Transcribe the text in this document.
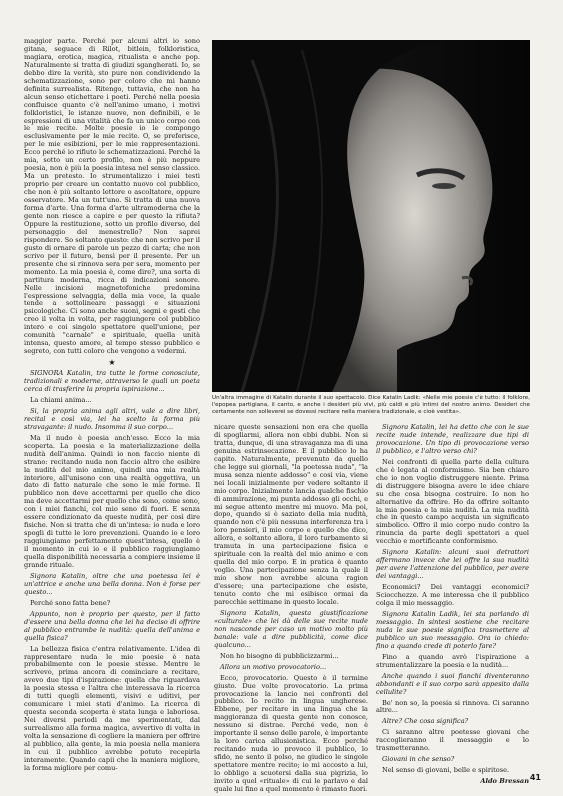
maggior parte. Perché per alcuni altri io sono gitana, seguace di Rilot, bitlein, folkloristica, magiara, erotica, magica, ritualista e anche pop. Naturalmente si tratta di giudizi sgangherati. Io, se debbo dire la verità, sto pure non condividendo la schematizzazione, sono per coloro che mi hanno definita surrealista. Ritengo, tuttavia, che non ha alcun senso etichettare i poeti. Perché nella poesia confluisce quanto c'è nell'animo umano, i motivi folkloristici, le istanze nuove, non definibili, e le espressioni di una vitalità che fa un unico corpo con le mie recite. Molte poesie io le compongo esclusivamente per le mie recite. O, se preferisce, per le mie esibizioni, per le mie rappresentazioni. Ecco perché io rifiuto le schematizzazioni. Perché la mia, sotto un certo profilo, non è più neppure poesia, non è più la poesia intesa nel senso classico. Ma un pretesto. Io strumentalizzo i miei testi proprio per creare un contatto nuovo col pubblico, che non è più soltanto lettore o ascoltatore, oppure osservatore. Ma un tutt'uno. Si tratta di una nuova forma d'arte. Una forma d'arte ultramoderna che la gente non riesce a capire e per questo la rifiuta? Oppure la restituzione, sotto un profilo diverso, del personaggio del menestrello? Non saprei rispondere. So soltanto questo: che non scrivo per il gusto di ornare di parole un pezzo di carta; che non scrivo per il futuro, bensì per il presente. Per un presente che si rinnova sera per sera, momento per momento. La mia poesia è, come dire?, una sorta di partitura moderna, ricca di indicazioni sonore. Nelle incisioni magnetofoniche predomina l'espressione selvaggia, della mia voce, la quale tende a sottolineare passaggi e situazioni psicologiche. Ci sono anche suoni, segni e gesti che creo il volta in volta, per raggiungere col pubblico intero e coi singolo spettatore quell'unione, per comunità "carnale" e spirituale, quella unità intensa, questo amore, al tempo stesso pubblico e segreto, con tutti coloro che vengono a vedermi.

★

SIGNORA Katalin, tra tutte le forme conosciute, tradizionali e moderne, attraverso le quali un poeta cerca di trasferire la propria ispirazione...

La chiami anima...

Si, la propria anima agli altri, vale a dire libri, recital e così via, lei ha scelto la forma più stravagante: il nudo. Insomma il suo corpo...

Ma il nudo è poesia anch'esso. Ecco la mia scoperta. La poesia e la materializzazione della nudità dell'anima. Quindi io non faccio niente di strano: recitando nuda non faccio altro che esibire la nudità del mio animo, quindi una mia realtà interiore, all'unisono con una realtà oggettiva, un dato di fatto naturale che sono le mie forme. Il pubblico non deve accettarmi per quello che dico ma deve accettarmi per quello che sono, come sono, con i miei fianchi, col mio seno di fuori. E senza essere condizionato da queste nudità, per così dire fisiche. Non si tratta che di un'intesa: io nuda e loro spogli di tutte le loro prevenzioni. Quando io e loro raggiungiamo perfettamente quest'intesa, quello è il momento in cui io e il pubblico raggiungiamo quella disponibilità necessaria a compiere insieme il grande rituale.

Signora Katalin, oltre che una poetessa lei è un'attrice e anche una bella donna. Non è forse per questo...

Perché sono fatta bene?

Appunto, non è proprio per questo, per il fatto d'essere una bella donna che lei ha deciso di offrire al pubblico entrambe le nudità: quella dell'anima e quella fisica?

La bellezza fisica c'entra relativamente. L'idea di rappresentare nuda le mie poesie è nata probabilmente con le poesie stesse. Mentre le scrivevo, prima ancora di cominciare a recitare, avevo due tipi d'ispirazione: quella che riguardava la poesia stessa e l'altra che interessava la ricerca di tutti quegli elementi, visivi e uditivi, per comunicare i miei stati d'animo. La ricerca di questa seconda scoperta è stata lunga e laboriosa. Nei diversi periodi da me sperimentati, dal surrealismo alla forma magica, avvertivo di volta in volta la sensazione di cogliere la maniera per offrire al pubblico, alla gente, la mia poesia nella maniera in cui il pubblico avrebbe potuto recepirla interamente. Quando capii che la maniera migliore, la forma migliore per comu-

Un'altra immagine di Katalin durante il suo spettacolo. Dice Katalin Ladik: «Nelle mie poesie c'è tutto: il folklore, l'epopea partigiana, il canto, e anche i desideri più vivi, più caldi e più intimi del nostro animo. Desideri che certamente non solleverei se dovessi recitare nella maniera tradizionale, e cioè vestita».

nicare queste sensazioni non era che quella di spogliarmi, allora non ebbi dubbi. Non si tratta, dunque, di una stravaganza ma di una genuina estrinsecazione. E il pubblico lo ha capito. Naturalmente, prevenuto da quello che legge sui giornali, "la poetessa nuda", "la musa senza niente addosso" e così via, viene nei locali inizialmente per vedere soltanto il mio corpo. Inizialmente lancia qualche fischio di ammirazione, mi punta addosso gli occhi, e mi segue attento mentre mi muovo. Ma poi, dopo, quando si è saziato della mia nudità, quando non c'è più nessuna interferenza tra i loro pensieri, il mio corpo e quello che dico, allora, e soltanto allora, il loro turbamento si tramuta in una partecipazione fisica e spirituale con la realtà del mio animo e con quella del mio corpo. E in pratica è quanto voglio. Una partecipazione senza la quale il mio show non avrebbe alcuna ragion d'essere; una partecipazione che esiste, tenuto conto che mi esibisco ormai da parecchie settimane in questo locale.

Signora Katalin, questa giustificazione «culturale» che lei dà delle sue recite nude non nasconde per caso un motivo molto più banale: vale a dire pubblicità, come dice qualcuno...

Non ho bisogno di pubblicizzarmi...

Allora un motivo provocatorio...

Ecco, provocatorio. Questo è il termine giusto. Due volte provocatorio. La prima provocazione la lancio nei confronti del pubblico. Io recito in lingua ungherese. Ebbene, per recitare in una lingua che la maggioranza di questa gente non conosce, nessuno si distrae. Perché vede, non è importante il senso delle parole, è importante la loro carica allusionistica. Ecco perché recitando nuda io provoco il pubblico, lo sfido, ne sento il polso, ne giudico le singole spettatore mentre recito; io mi accosto a lui, lo obbligo a scuotersi dalla sua pigrizia, lo invito a quel «rituale» di cui le parlavo e dal quale lui fino a quel momento è rimasto fuori.

Signora Katalin, lei ha detto che con le sue recite nude intende, realizzare due tipi di provocazione. Un tipo di provocazione verso il pubblico, e l'altro verso chi?

Nei confronti di quella parte della cultura che è legata al conformismo. Sia ben chiaro che io non voglio distruggere niente. Prima di distruggere bisogna avere le idee chiare su che cosa bisogna costruire. Io non ho alternative da offrire. Ho da offrire soltanto la mia poesia e la mia nudità. La mia nudità che in questo campo acquista un significato simbolico. Offro il mio corpo nudo contro la rinuncia da parte degli spettatori a quel vecchio e mortificante conformismo.

Signora Katalin: alcuni suoi detrattori affermano invece che lei offre la sua nudità per avere l'attenzione del pubblico, per avere dei vantaggi...

Economici? Dei vantaggi economici? Sciocchezze. A me interessa che il pubblico colga il mio messaggio.

Signora Katalin Ladik, lei sta parlando di messaggio. In sintesi sostiene che recitare nuda le sue poesie significa trasmettere al pubblico un suo messaggio. Ora io chiedo: fino a quando crede di poterlo fare?

Fino a quando avrò l'ispirazione a strumentalizzare la poesia e la nudità...

Anche quando i suoi fianchi diventeranno abbondanti e il suo corpo sarà appesito dalla cellulite?

Be' non so, la poesia si rinnova. Ci saranno altre...

Altre? Che cosa significa?

Ci saranno altre poetesse giovani che raccoglieranno il messaggio e lo trasmetteranno.

Giovani in che senso?

Nel senso di giovani, belle e spiritose.

Aldo Bressan 41
